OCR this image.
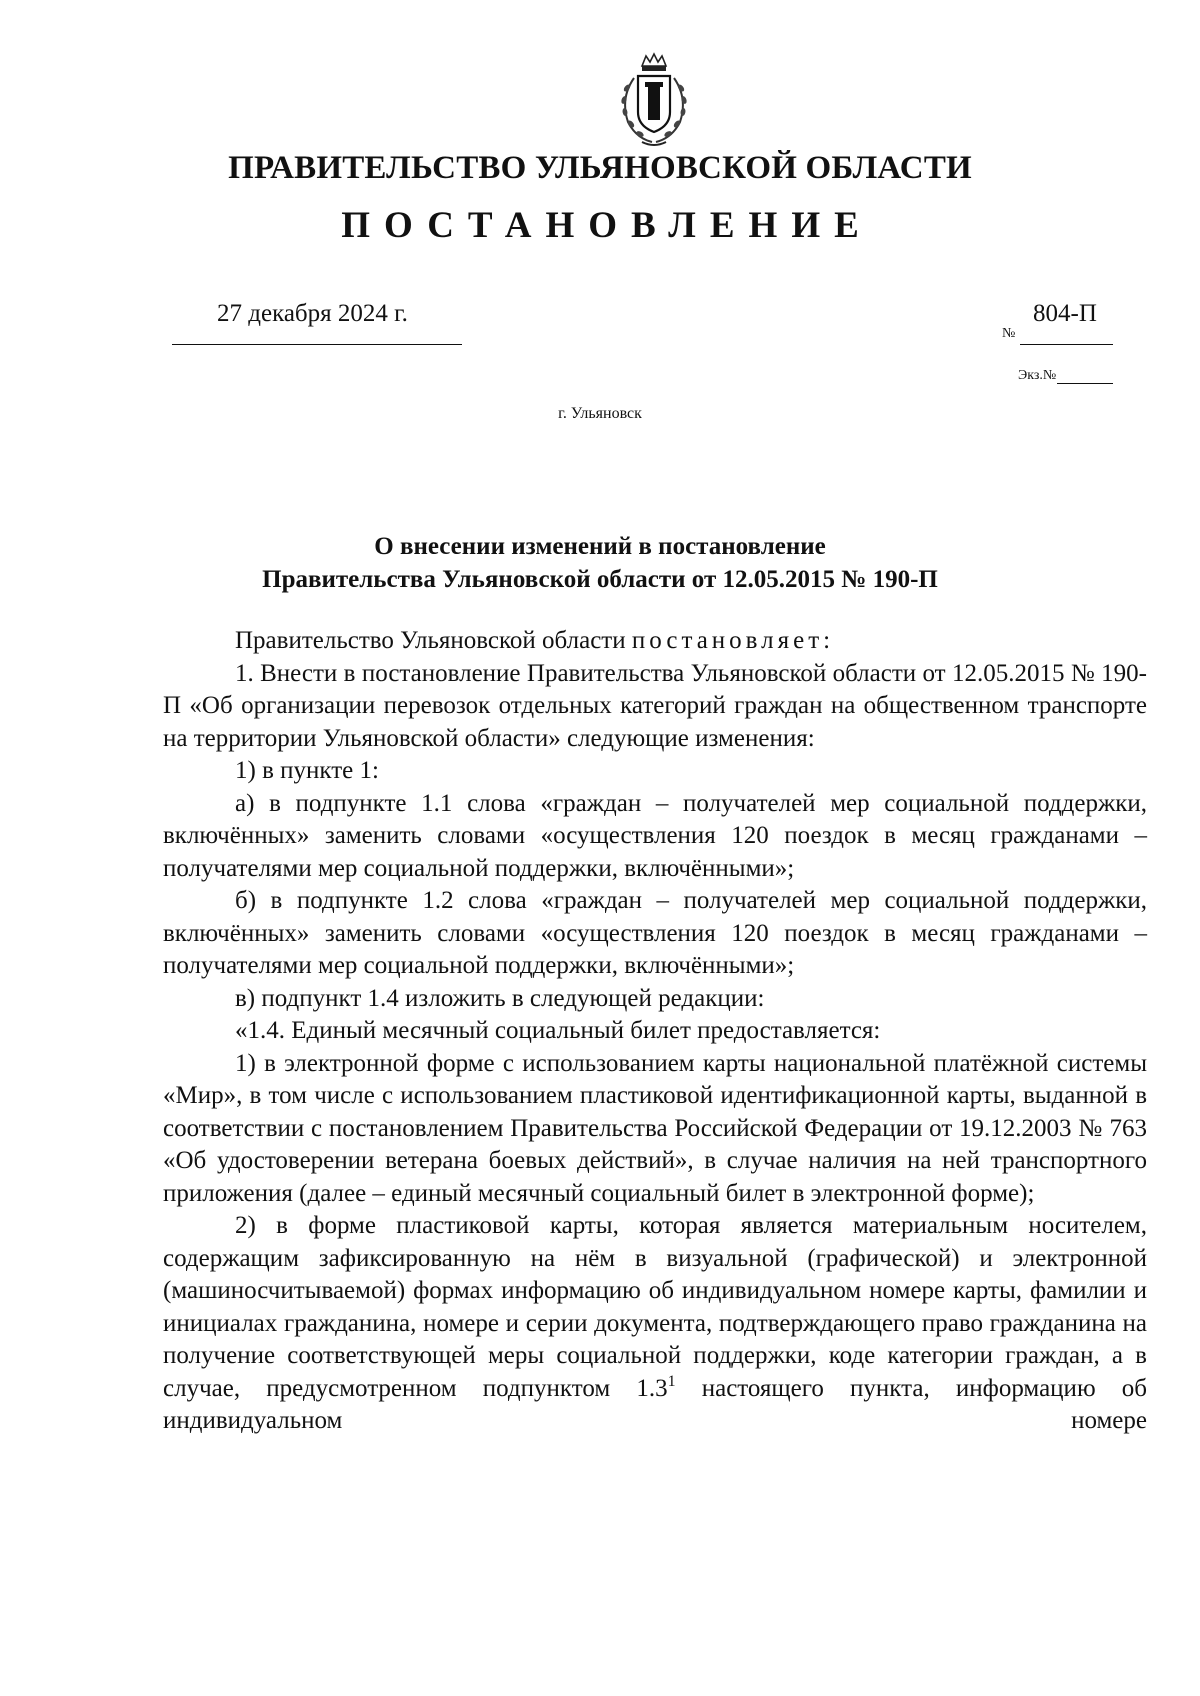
ПРАВИТЕЛЬСТВО УЛЬЯНОВСКОЙ ОБЛАСТИ
ПОСТАНОВЛЕНИЕ
27 декабря 2024 г.
№
804-П
Экз.№
г. Ульяновск
О внесении изменений в постановление
Правительства Ульяновской области от 12.05.2015 № 190-П

Правительство Ульяновской области постановляет:

1. Внести в постановление Правительства Ульяновской области от 12.05.2015 № 190-П «Об организации перевозок отдельных категорий граждан на общественном транспорте на территории Ульяновской области» следующие изменения:

1) в пункте 1:

а) в подпункте 1.1 слова «граждан – получателей мер социальной поддержки, включённых» заменить словами «осуществления 120 поездок в месяц гражданами – получателями мер социальной поддержки, включёнными»;

б) в подпункте 1.2 слова «граждан – получателей мер социальной поддержки, включённых» заменить словами «осуществления 120 поездок в месяц гражданами – получателями мер социальной поддержки, включёнными»;

в) подпункт 1.4 изложить в следующей редакции:

«1.4. Единый месячный социальный билет предоставляется:

1) в электронной форме с использованием карты национальной платёжной системы «Мир», в том числе с использованием пластиковой идентификационной карты, выданной в соответствии с постановлением Правительства Российской Федерации от 19.12.2003 № 763 «Об удостоверении ветерана боевых действий», в случае наличия на ней транспортного приложения (далее – единый месячный социальный билет в электронной форме);

2) в форме пластиковой карты, которая является материальным носителем, содержащим зафиксированную на нём в визуальной (графической) и электронной (машиносчитываемой) формах информацию об индивидуальном номере карты, фамилии и инициалах гражданина, номере и серии документа, подтверждающего право гражданина на получение соответствующей меры социальной поддержки, коде категории граждан, а в случае, предусмотренном подпунктом $1.3^1$ настоящего пункта, информацию об индивидуальном номере
